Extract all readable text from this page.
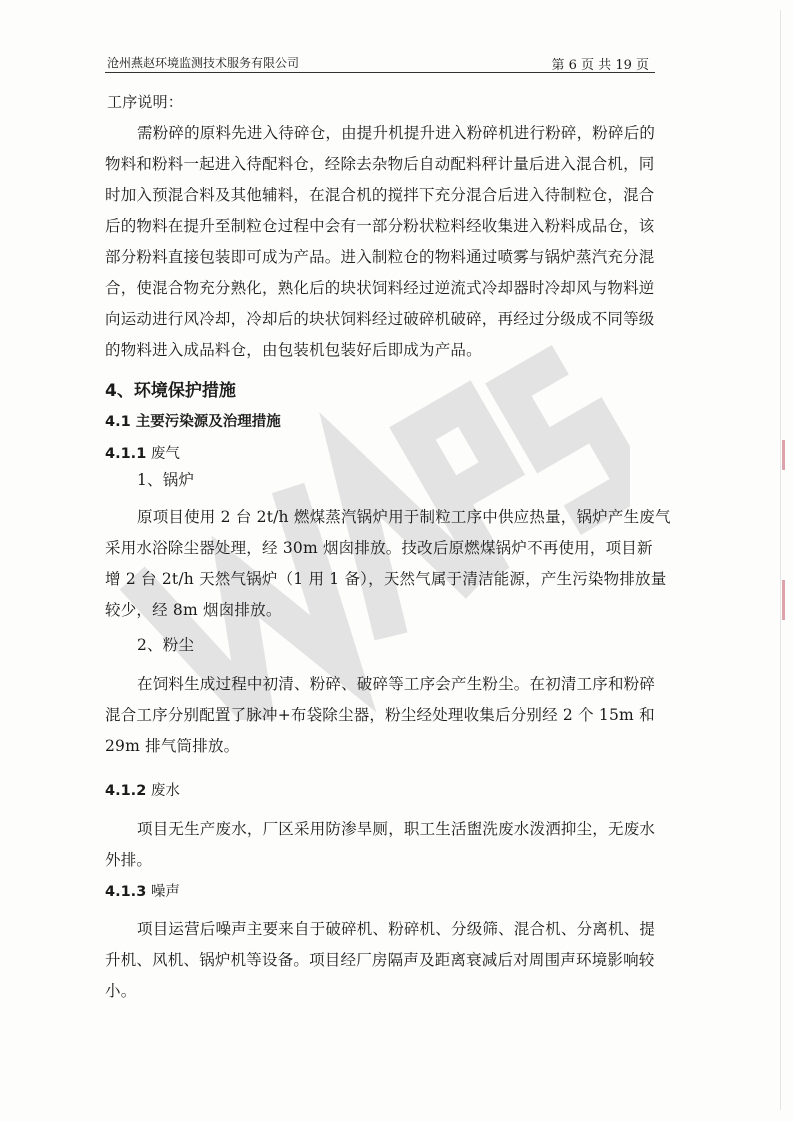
沧州燕赵环境监测技术服务有限公司	第 6 页 共 19 页
工序说明：
需粉碎的原料先进入待碎仓，由提升机提升进入粉碎机进行粉碎，粉碎后的
物料和粉料一起进入待配料仓，经除去杂物后自动配料秤计量后进入混合机，同
时加入预混合料及其他辅料，在混合机的搅拌下充分混合后进入待制粒仓，混合
后的物料在提升至制粒仓过程中会有一部分粉状粒料经收集进入粉料成品仓，该
部分粉料直接包装即可成为产品。进入制粒仓的物料通过喷雾与锅炉蒸汽充分混
合，使混合物充分熟化，熟化后的块状饲料经过逆流式冷却器时冷却风与物料逆
向运动进行风冷却，冷却后的块状饲料经过破碎机破碎，再经过分级成不同等级
的物料进入成品料仓，由包装机包装好后即成为产品。
4、环境保护措施
4.1 主要污染源及治理措施
4.1.1 废气
1、锅炉
原项目使用 2 台 2t/h 燃煤蒸汽锅炉用于制粒工序中供应热量，锅炉产生废气
采用水浴除尘器处理，经 30m 烟囱排放。技改后原燃煤锅炉不再使用，项目新
增 2 台 2t/h 天然气锅炉（1 用 1 备），天然气属于清洁能源，产生污染物排放量
较少，经 8m 烟囱排放。
2、粉尘
在饲料生成过程中初清、粉碎、破碎等工序会产生粉尘。在初清工序和粉碎
混合工序分别配置了脉冲+布袋除尘器，粉尘经处理收集后分别经 2 个 15m 和
29m 排气筒排放。
4.1.2 废水
项目无生产废水，厂区采用防渗旱厕，职工生活盥洗废水泼洒抑尘，无废水
外排。
4.1.3 噪声
项目运营后噪声主要来自于破碎机、粉碎机、分级筛、混合机、分离机、提
升机、风机、锅炉机等设备。项目经厂房隔声及距离衰减后对周围声环境影响较
小。
